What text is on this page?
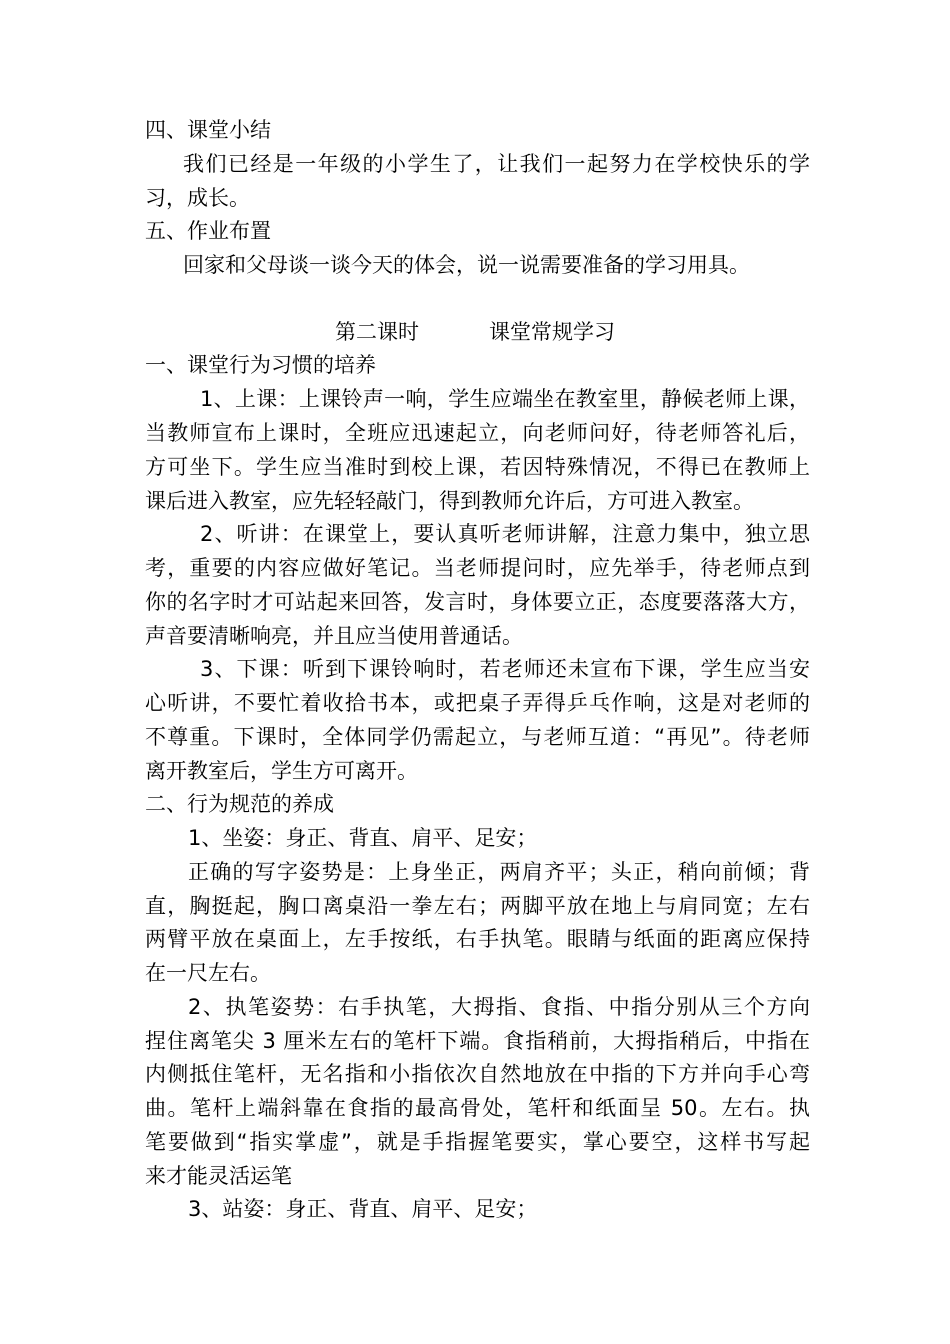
四、课堂小结
我们已经是一年级的小学生了，让我们一起努力在学校快乐的学
习，成长。
五、作业布置
回家和父母谈一谈今天的体会，说一说需要准备的学习用具。
第二课时	课堂常规学习
一、课堂行为习惯的培养
1、上课：上课铃声一响，学生应端坐在教室里，静候老师上课，
当教师宣布上课时，全班应迅速起立，向老师问好，待老师答礼后，
方可坐下。学生应当准时到校上课，若因特殊情况，不得已在教师上
课后进入教室，应先轻轻敲门，得到教师允许后，方可进入教室。
2、听讲：在课堂上，要认真听老师讲解，注意力集中，独立思
考，重要的内容应做好笔记。当老师提问时，应先举手，待老师点到
你的名字时才可站起来回答，发言时，身体要立正，态度要落落大方，
声音要清晰响亮，并且应当使用普通话。
3、下课：听到下课铃响时，若老师还未宣布下课，学生应当安
心听讲，不要忙着收拾书本，或把桌子弄得乒乓作响，这是对老师的
不尊重。下课时，全体同学仍需起立，与老师互道：“再见”。待老师
离开教室后，学生方可离开。
二、行为规范的养成
1、坐姿：身正、背直、肩平、足安；
正确的写字姿势是：上身坐正，两肩齐平；头正，稍向前倾；背
直，胸挺起，胸口离桌沿一拳左右；两脚平放在地上与肩同宽；左右
两臂平放在桌面上，左手按纸，右手执笔。眼睛与纸面的距离应保持
在一尺左右。
2、执笔姿势：右手执笔，大拇指、食指、中指分别从三个方向
捏住离笔尖 3 厘米左右的笔杆下端。食指稍前，大拇指稍后，中指在
内侧抵住笔杆，无名指和小指依次自然地放在中指的下方并向手心弯
曲。笔杆上端斜靠在食指的最高骨处，笔杆和纸面呈 50。左右。执
笔要做到“指实掌虚”，就是手指握笔要实，掌心要空，这样书写起
来才能灵活运笔
3、站姿：身正、背直、肩平、足安；
